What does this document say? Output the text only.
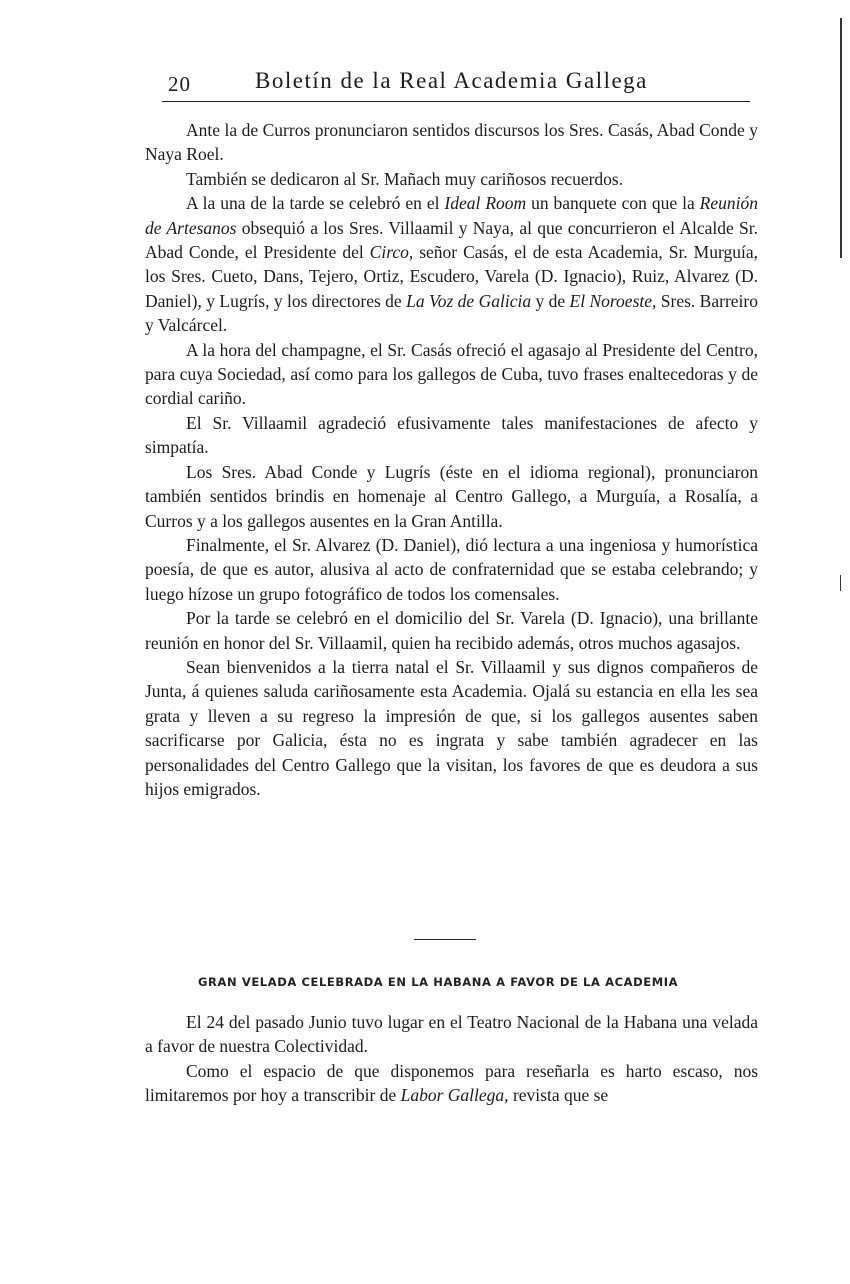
20	Boletín de la Real Academia Gallega

Ante la de Curros pronunciaron sentidos discursos los Sres. Casás, Abad Conde y Naya Roel.

También se dedicaron al Sr. Mañach muy cariñosos recuerdos.

A la una de la tarde se celebró en el Ideal Room un banquete con que la Reunión de Artesanos obsequió a los Sres. Villaamil y Naya, al que concurrieron el Alcalde Sr. Abad Conde, el Presidente del Circo, señor Casás, el de esta Academia, Sr. Murguía, los Sres. Cueto, Dans, Tejero, Ortiz, Escudero, Varela (D. Ignacio), Ruiz, Alvarez (D. Daniel), y Lugrís, y los directores de La Voz de Galicia y de El Noroeste, Sres. Barreiro y Valcárcel.

A la hora del champagne, el Sr. Casás ofreció el agasajo al Presidente del Centro, para cuya Sociedad, así como para los gallegos de Cuba, tuvo frases enaltecedoras y de cordial cariño.

El Sr. Villaamil agradeció efusivamente tales manifestaciones de afecto y simpatía.

Los Sres. Abad Conde y Lugrís (éste en el idioma regional), pronunciaron también sentidos brindis en homenaje al Centro Gallego, a Murguía, a Rosalía, a Curros y a los gallegos ausentes en la Gran Antilla.

Finalmente, el Sr. Alvarez (D. Daniel), dió lectura a una ingeniosa y humorística poesía, de que es autor, alusiva al acto de confraternidad que se estaba celebrando; y luego hízose un grupo fotográfico de todos los comensales.

Por la tarde se celebró en el domicilio del Sr. Varela (D. Ignacio), una brillante reunión en honor del Sr. Villaamil, quien ha recibido además, otros muchos agasajos.

Sean bienvenidos a la tierra natal el Sr. Villaamil y sus dignos compañeros de Junta, á quienes saluda cariñosamente esta Academia. Ojalá su estancia en ella les sea grata y lleven a su regreso la impresión de que, si los gallegos ausentes saben sacrificarse por Galicia, ésta no es ingrata y sabe también agradecer en las personalidades del Centro Gallego que la visitan, los favores de que es deudora a sus hijos emigrados.

GRAN VELADA CELEBRADA EN LA HABANA A FAVOR DE LA ACADEMIA

El 24 del pasado Junio tuvo lugar en el Teatro Nacional de la Habana una velada a favor de nuestra Colectividad.

Como el espacio de que disponemos para reseñarla es harto escaso, nos limitaremos por hoy a transcribir de Labor Gallega, revista que se
